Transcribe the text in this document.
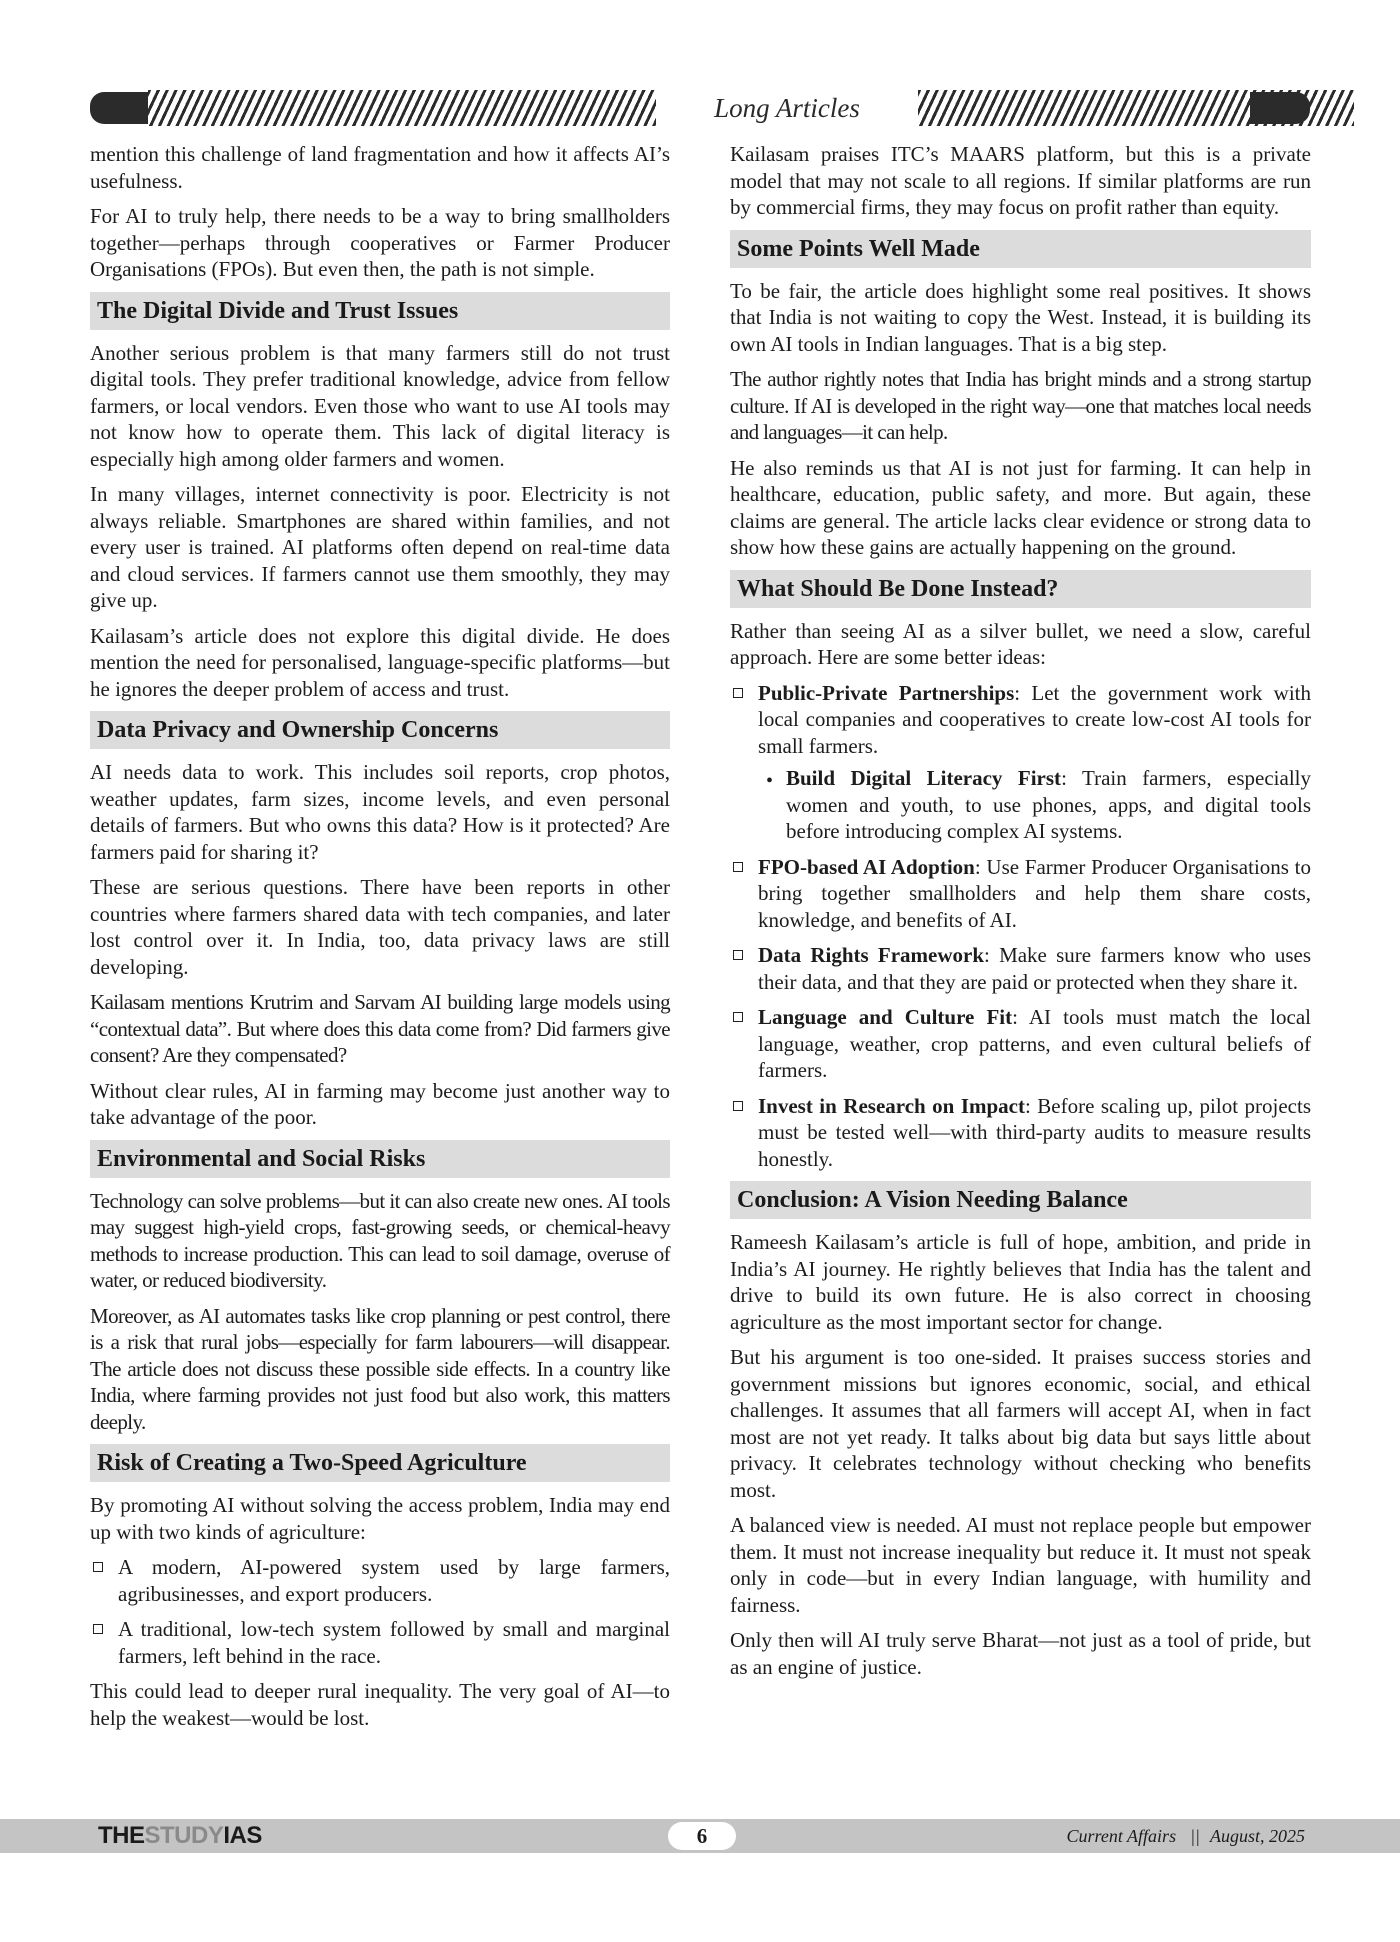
Long Articles

mention this challenge of land fragmentation and how it affects AI’s usefulness.

For AI to truly help, there needs to be a way to bring smallholders together—perhaps through cooperatives or Farmer Producer Organisations (FPOs). But even then, the path is not simple.

The Digital Divide and Trust Issues

Another serious problem is that many farmers still do not trust digital tools. They prefer traditional knowledge, advice from fellow farmers, or local vendors. Even those who want to use AI tools may not know how to operate them. This lack of digital literacy is especially high among older farmers and women.

In many villages, internet connectivity is poor. Electricity is not always reliable. Smartphones are shared within families, and not every user is trained. AI platforms often depend on real-time data and cloud services. If farmers cannot use them smoothly, they may give up.

Kailasam’s article does not explore this digital divide. He does mention the need for personalised, language-specific platforms—but he ignores the deeper problem of access and trust.

Data Privacy and Ownership Concerns

AI needs data to work. This includes soil reports, crop photos, weather updates, farm sizes, income levels, and even personal details of farmers. But who owns this data? How is it protected? Are farmers paid for sharing it?

These are serious questions. There have been reports in other countries where farmers shared data with tech companies, and later lost control over it. In India, too, data privacy laws are still developing.

Kailasam mentions Krutrim and Sarvam AI building large models using “contextual data”. But where does this data come from? Did farmers give consent? Are they compensated?

Without clear rules, AI in farming may become just another way to take advantage of the poor.

Environmental and Social Risks

Technology can solve problems—but it can also create new ones. AI tools may suggest high-yield crops, fast-growing seeds, or chemical-heavy methods to increase production. This can lead to soil damage, overuse of water, or reduced biodiversity.

Moreover, as AI automates tasks like crop planning or pest control, there is a risk that rural jobs—especially for farm labourers—will disappear. The article does not discuss these possible side effects. In a country like India, where farming provides not just food but also work, this matters deeply.

Risk of Creating a Two-Speed Agriculture

By promoting AI without solving the access problem, India may end up with two kinds of agriculture:

A modern, AI-powered system used by large farmers, agribusinesses, and export producers.
A traditional, low-tech system followed by small and marginal farmers, left behind in the race.

This could lead to deeper rural inequality. The very goal of AI—to help the weakest—would be lost.

Kailasam praises ITC’s MAARS platform, but this is a private model that may not scale to all regions. If similar platforms are run by commercial firms, they may focus on profit rather than equity.

Some Points Well Made

To be fair, the article does highlight some real positives. It shows that India is not waiting to copy the West. Instead, it is building its own AI tools in Indian languages. That is a big step.

The author rightly notes that India has bright minds and a strong startup culture. If AI is developed in the right way—one that matches local needs and languages—it can help.

He also reminds us that AI is not just for farming. It can help in healthcare, education, public safety, and more. But again, these claims are general. The article lacks clear evidence or strong data to show how these gains are actually happening on the ground.

What Should Be Done Instead?

Rather than seeing AI as a silver bullet, we need a slow, careful approach. Here are some better ideas:

Public-Private Partnerships: Let the government work with local companies and cooperatives to create low-cost AI tools for small farmers.
• Build Digital Literacy First: Train farmers, especially women and youth, to use phones, apps, and digital tools before introducing complex AI systems.
FPO-based AI Adoption: Use Farmer Producer Organisations to bring together smallholders and help them share costs, knowledge, and benefits of AI.
Data Rights Framework: Make sure farmers know who uses their data, and that they are paid or protected when they share it.
Language and Culture Fit: AI tools must match the local language, weather, crop patterns, and even cultural beliefs of farmers.
Invest in Research on Impact: Before scaling up, pilot projects must be tested well—with third-party audits to measure results honestly.
Conclusion: A Vision Needing Balance

Rameesh Kailasam’s article is full of hope, ambition, and pride in India’s AI journey. He rightly believes that India has the talent and drive to build its own future. He is also correct in choosing agriculture as the most important sector for change.

But his argument is too one-sided. It praises success stories and government missions but ignores economic, social, and ethical challenges. It assumes that all farmers will accept AI, when in fact most are not yet ready. It talks about big data but says little about privacy. It celebrates technology without checking who benefits most.

A balanced view is needed. AI must not replace people but empower them. It must not increase inequality but reduce it. It must not speak only in code—but in every Indian language, with humility and fairness.

Only then will AI truly serve Bharat—not just as a tool of pride, but as an engine of justice.

THESTUDYIAS	6	Current Affairs || August, 2025
